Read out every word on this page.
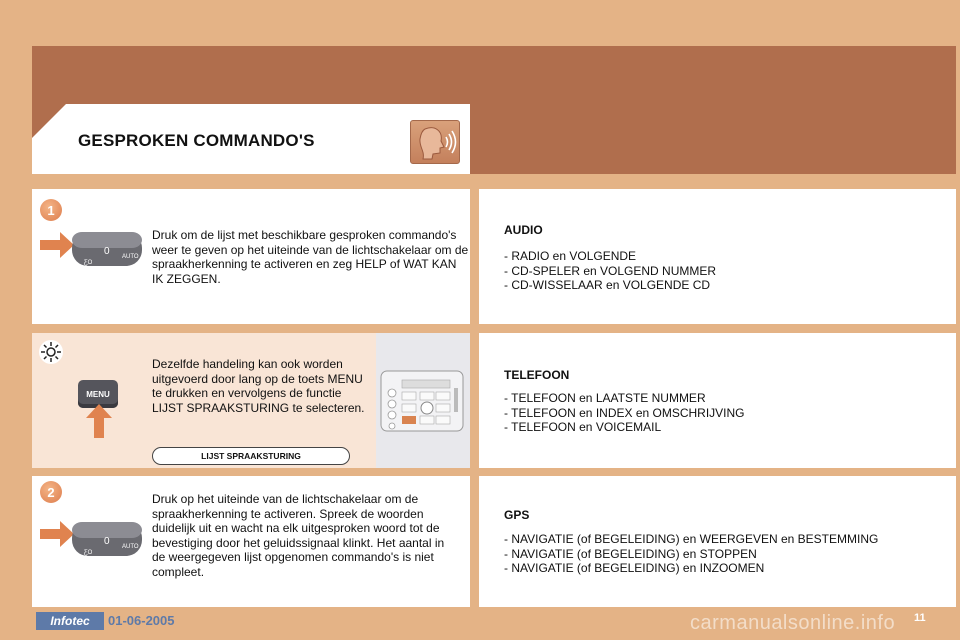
GESPROKEN COMMANDO'S
1
0 AUTO
ƸO
Druk om de lijst met beschikbare gesproken commando's weer te geven op het uiteinde van de lichtschakelaar om de spraakherkenning te activeren en zeg HELP of WAT KAN IK ZEGGEN.
MENU
Dezelfde handeling kan ook worden uitgevoerd door lang op de toets MENU te drukken en vervolgens de functie LIJST SPRAAKSTURING te selecteren.
LIJST SPRAAKSTURING
2
0 AUTO
ƸO
Druk op het uiteinde van de lichtschakelaar om de spraakherkenning te activeren. Spreek de woorden duidelijk uit en wacht na elk uitgesproken woord tot de bevestiging door het geluidssignaal klinkt. Het aantal in de weergegeven lijst opgenomen commando's is niet compleet.
AUDIO
- RADIO en VOLGENDE
- CD-SPELER en VOLGEND NUMMER
- CD-WISSELAAR en VOLGENDE CD
TELEFOON
- TELEFOON en LAATSTE NUMMER
- TELEFOON en INDEX en OMSCHRIJVING
- TELEFOON en VOICEMAIL
GPS
- NAVIGATIE (of BEGELEIDING) en WEERGEVEN en BESTEMMING
- NAVIGATIE (of BEGELEIDING) en STOPPEN
- NAVIGATIE (of BEGELEIDING) en INZOOMEN
Infotec	01-06-2005	carmanualsonline.info 11
